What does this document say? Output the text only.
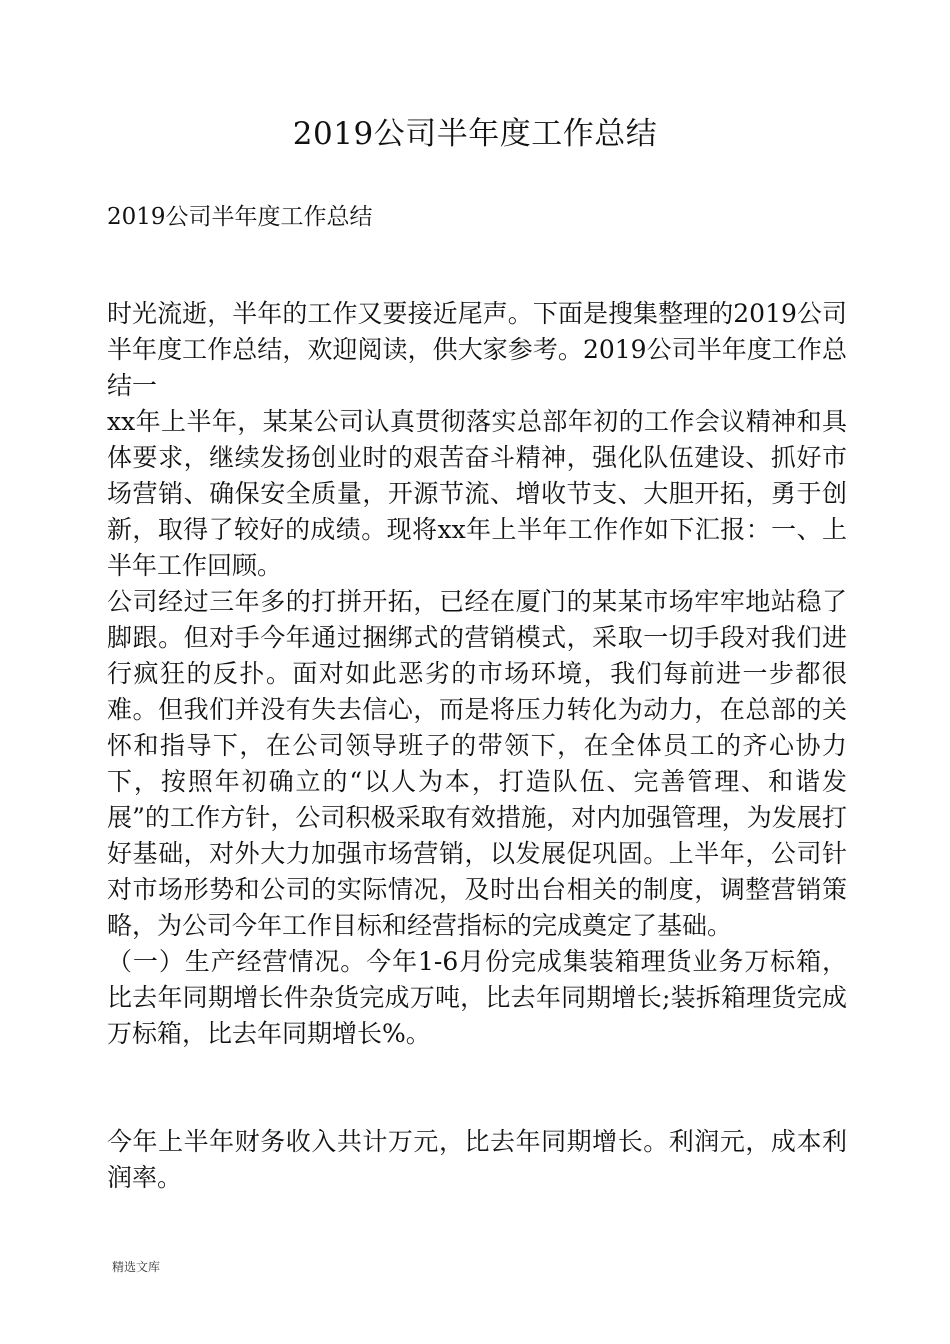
2019公司半年度工作总结

2019公司半年度工作总结

时光流逝，半年的工作又要接近尾声。下面是搜集整理的2019公司半年度工作总结，欢迎阅读，供大家参考。2019公司半年度工作总结一

xx年上半年，某某公司认真贯彻落实总部年初的工作会议精神和具体要求，继续发扬创业时的艰苦奋斗精神，强化队伍建设、抓好市场营销、确保安全质量，开源节流、增收节支、大胆开拓，勇于创新，取得了较好的成绩。现将xx年上半年工作作如下汇报：一、上半年工作回顾。

公司经过三年多的打拼开拓，已经在厦门的某某市场牢牢地站稳了脚跟。但对手今年通过捆绑式的营销模式，采取一切手段对我们进行疯狂的反扑。面对如此恶劣的市场环境，我们每前进一步都很难。但我们并没有失去信心，而是将压力转化为动力，在总部的关怀和指导下，在公司领导班子的带领下，在全体员工的齐心协力下，按照年初确立的“以人为本，打造队伍、完善管理、和谐发展”的工作方针，公司积极采取有效措施，对内加强管理，为发展打好基础，对外大力加强市场营销，以发展促巩固。上半年，公司针对市场形势和公司的实际情况，及时出台相关的制度，调整营销策略，为公司今年工作目标和经营指标的完成奠定了基础。

（一）生产经营情况。今年1-6月份完成集装箱理货业务万标箱，比去年同期增长件杂货完成万吨，比去年同期增长;装拆箱理货完成万标箱，比去年同期增长%。

今年上半年财务收入共计万元，比去年同期增长。利润元，成本利润率。

精选文库
